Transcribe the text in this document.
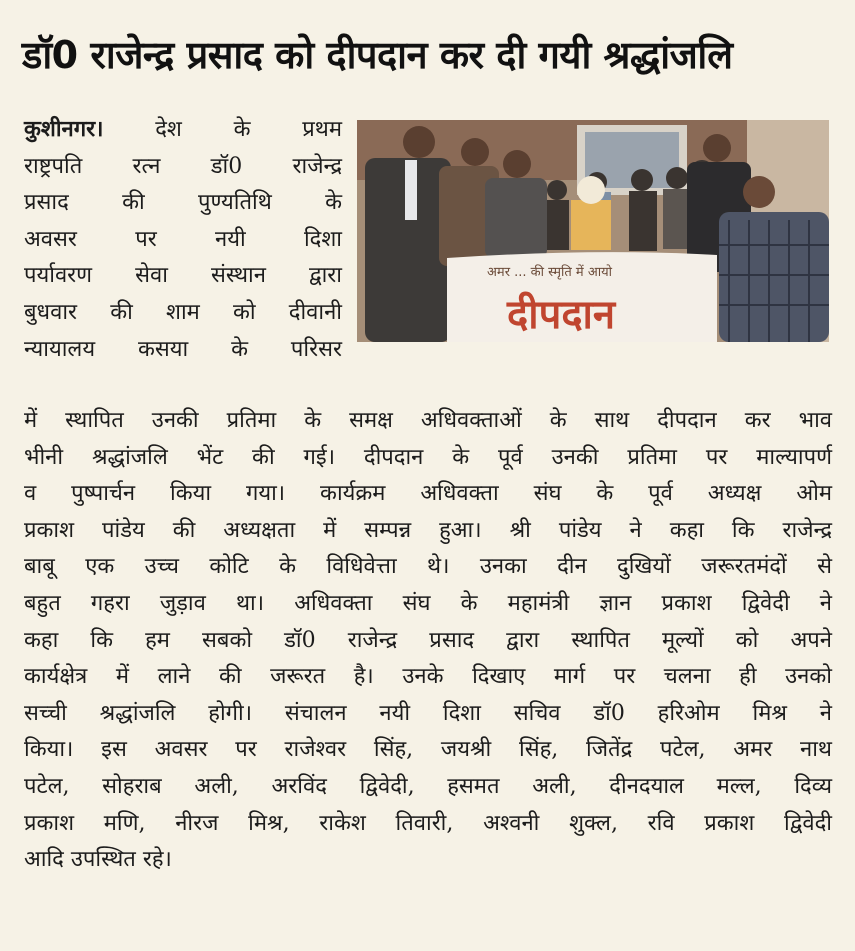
डॉ0 राजेन्द्र प्रसाद को दीपदान कर दी गयी श्रद्धांजलि
कुशीनगर। देश के प्रथम
राष्ट्रपति रत्न डॉ0 राजेन्द्र
प्रसाद की पुण्यतिथि के
अवसर पर नयी दिशा
पर्यावरण सेवा संस्थान द्वारा
बुधवार की शाम को दीवानी
न्यायालय कसया के परिसर
अमर ... की स्मृति में आयो
दीपदान
में स्थापित उनकी प्रतिमा के समक्ष अधिवक्ताओं के साथ दीपदान कर भाव
भीनी श्रद्धांजलि भेंट की गई। दीपदान के पूर्व उनकी प्रतिमा पर माल्यापर्ण
व पुष्पार्चन किया गया। कार्यक्रम अधिवक्ता संघ के पूर्व अध्यक्ष ओम
प्रकाश पांडेय की अध्यक्षता में सम्पन्न हुआ। श्री पांडेय ने कहा कि राजेन्द्र
बाबू एक उच्च कोटि के विधिवेत्ता थे। उनका दीन दुखियों जरूरतमंदों से
बहुत गहरा जुड़ाव था। अधिवक्ता संघ के महामंत्री ज्ञान प्रकाश द्विवेदी ने
कहा कि हम सबको डॉ0 राजेन्द्र प्रसाद द्वारा स्थापित मूल्यों को अपने
कार्यक्षेत्र में लाने की जरूरत है। उनके दिखाए मार्ग पर चलना ही उनको
सच्ची श्रद्धांजलि होगी। संचालन नयी दिशा सचिव डॉ0 हरिओम मिश्र ने
किया। इस अवसर पर राजेश्वर सिंह, जयश्री सिंह, जितेंद्र पटेल, अमर नाथ
पटेल, सोहराब अली, अरविंद द्विवेदी, हसमत अली, दीनदयाल मल्ल, दिव्य
प्रकाश मणि, नीरज मिश्र, राकेश तिवारी, अश्वनी शुक्ल, रवि प्रकाश द्विवेदी
आदि उपस्थित रहे।
